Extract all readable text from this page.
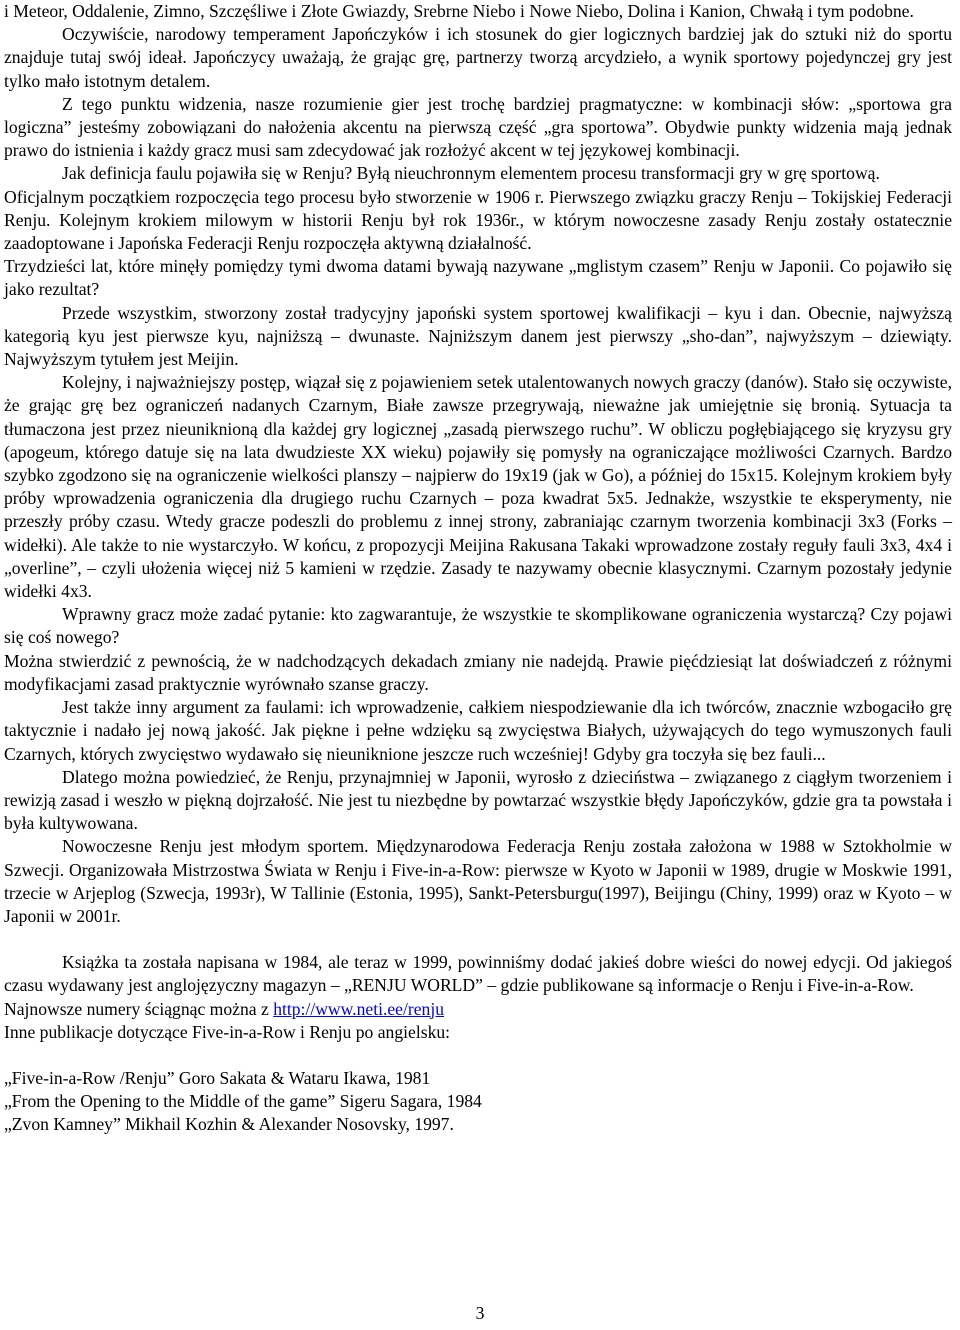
i Meteor, Oddalenie, Zimno, Szczęśliwe i Złote Gwiazdy, Srebrne Niebo i Nowe Niebo, Dolina i Kanion, Chwałą i tym podobne.

Oczywiście, narodowy temperament Japończyków i ich stosunek do gier logicznych bardziej jak do sztuki niż do sportu znajduje tutaj swój ideał. Japończycy uważają, że grając grę, partnerzy tworzą arcydzieło, a wynik sportowy pojedynczej gry jest tylko mało istotnym detalem.

Z tego punktu widzenia, nasze rozumienie gier jest trochę bardziej pragmatyczne: w kombinacji słów: „sportowa gra logiczna” jesteśmy zobowiązani do nałożenia akcentu na pierwszą część „gra sportowa”. Obydwie punkty widzenia mają jednak prawo do istnienia i każdy gracz musi sam zdecydować jak rozłożyć akcent w tej językowej kombinacji.

Jak definicja faulu pojawiła się w Renju? Byłą nieuchronnym elementem procesu transformacji gry w grę sportową.

Oficjalnym początkiem rozpoczęcia tego procesu było stworzenie w 1906 r. Pierwszego związku graczy Renju – Tokijskiej Federacji Renju. Kolejnym krokiem milowym w historii Renju był rok 1936r., w którym nowoczesne zasady Renju zostały ostatecznie zaadoptowane i Japońska Federacji Renju rozpoczęła aktywną działalność.

Trzydzieści lat, które minęły pomiędzy tymi dwoma datami bywają nazywane „mglistym czasem” Renju w Japonii. Co pojawiło się jako rezultat?

Przede wszystkim, stworzony został tradycyjny japoński system sportowej kwalifikacji – kyu i dan. Obecnie, najwyższą kategorią kyu jest pierwsze kyu, najniższą – dwunaste. Najniższym danem jest pierwszy „sho-dan”, najwyższym – dziewiąty. Najwyższym tytułem jest Meijin.

Kolejny, i najważniejszy postęp, wiązał się z pojawieniem setek utalentowanych nowych graczy (danów). Stało się oczywiste, że grając grę bez ograniczeń nadanych Czarnym, Białe zawsze przegrywają, nieważne jak umiejętnie się bronią. Sytuacja ta tłumaczona jest przez nieuniknioną dla każdej gry logicznej „zasadą pierwszego ruchu”. W obliczu pogłębiającego się kryzysu gry (apogeum, którego datuje się na lata dwudzieste XX wieku) pojawiły się pomysły na ograniczające możliwości Czarnych. Bardzo szybko zgodzono się na ograniczenie wielkości planszy – najpierw do 19x19 (jak w Go), a później do 15x15. Kolejnym krokiem były próby wprowadzenia ograniczenia dla drugiego ruchu Czarnych – poza kwadrat 5x5. Jednakże, wszystkie te eksperymenty, nie przeszły próby czasu. Wtedy gracze podeszli do problemu z innej strony, zabraniając czarnym tworzenia kombinacji 3x3 (Forks –widełki). Ale także to nie wystarczyło. W końcu, z propozycji Meijina Rakusana Takaki wprowadzone zostały reguły fauli 3x3, 4x4 i „overline”, – czyli ułożenia więcej niż 5 kamieni w rzędzie. Zasady te nazywamy obecnie klasycznymi. Czarnym pozostały jedynie widełki 4x3.

Wprawny gracz może zadać pytanie: kto zagwarantuje, że wszystkie te skomplikowane ograniczenia wystarczą? Czy pojawi się coś nowego?

Można stwierdzić z pewnością, że w nadchodzących dekadach zmiany nie nadejdą. Prawie pięćdziesiąt lat doświadczeń z różnymi modyfikacjami zasad praktycznie wyrównało szanse graczy.

Jest także inny argument za faulami: ich wprowadzenie, całkiem niespodziewanie dla ich twórców, znacznie wzbogaciło grę taktycznie i nadało jej nową jakość. Jak piękne i pełne wdzięku są zwycięstwa Białych, używających do tego wymuszonych fauli Czarnych, których zwycięstwo wydawało się nieuniknione jeszcze ruch wcześniej! Gdyby gra toczyła się bez fauli...

Dlatego można powiedzieć, że Renju, przynajmniej w Japonii, wyrosło z dzieciństwa – związanego z ciągłym tworzeniem i rewizją zasad i weszło w piękną dojrzałość. Nie jest tu niezbędne by powtarzać wszystkie błędy Japończyków, gdzie gra ta powstała i była kultywowana.

Nowoczesne Renju jest młodym sportem. Międzynarodowa Federacja Renju została założona w 1988 w Sztokholmie w Szwecji. Organizowała Mistrzostwa Świata w Renju i Five-in-a-Row: pierwsze w Kyoto w Japonii w 1989, drugie w Moskwie 1991, trzecie w Arjeplog (Szwecja, 1993r), W Tallinie (Estonia, 1995), Sankt-Petersburgu(1997), Beijingu (Chiny, 1999) oraz w Kyoto – w Japonii w 2001r.

Książka ta została napisana w 1984, ale teraz w 1999, powinniśmy dodać jakieś dobre wieści do nowej edycji. Od jakiegoś czasu wydawany jest anglojęzyczny magazyn – „RENJU WORLD” – gdzie publikowane są informacje o Renju i Five-in-a-Row.

Najnowsze numery ściągnąc można z http://www.neti.ee/renju

Inne publikacje dotyczące Five-in-a-Row i Renju po angielsku:

„Five-in-a-Row /Renju” Goro Sakata & Wataru Ikawa, 1981

„From the Opening to the Middle of the game” Sigeru Sagara, 1984

„Zvon Kamney” Mikhail Kozhin & Alexander Nosovsky, 1997.

3
